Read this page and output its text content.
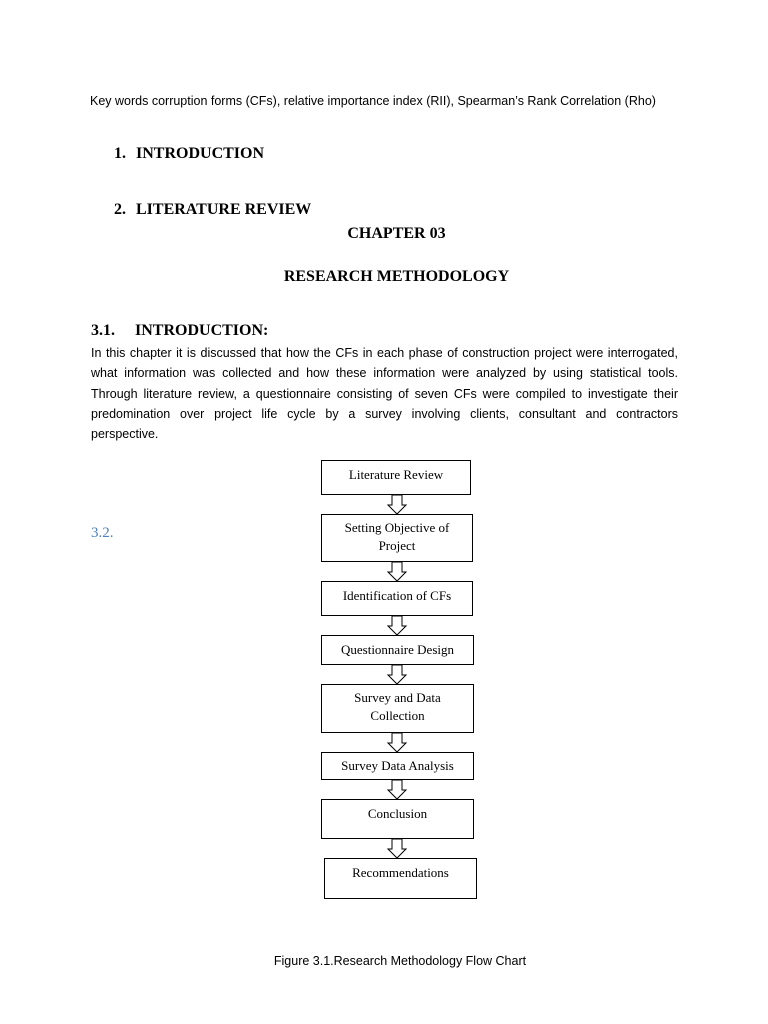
Key words corruption forms (CFs), relative importance index (RII), Spearman’s Rank Correlation (Rho)

1. INTRODUCTION
2. LITERATURE REVIEW
CHAPTER 03
RESEARCH METHODOLOGY
3.1. INTRODUCTION:

In this chapter it is discussed that how the CFs in each phase of construction project were interrogated,

what information was collected and how these information were analyzed by using statistical tools.

Through literature review, a questionnaire consisting of seven CFs were compiled to investigate their

predomination over project life cycle by a survey involving clients, consultant and contractors

perspective.

3.2.
Literature Review
Setting Objective of
Project
Identification of CFs
Questionnaire Design
Survey and Data
Collection
Survey Data Analysis
Conclusion
Recommendations
Figure 3.1.Research Methodology Flow Chart
